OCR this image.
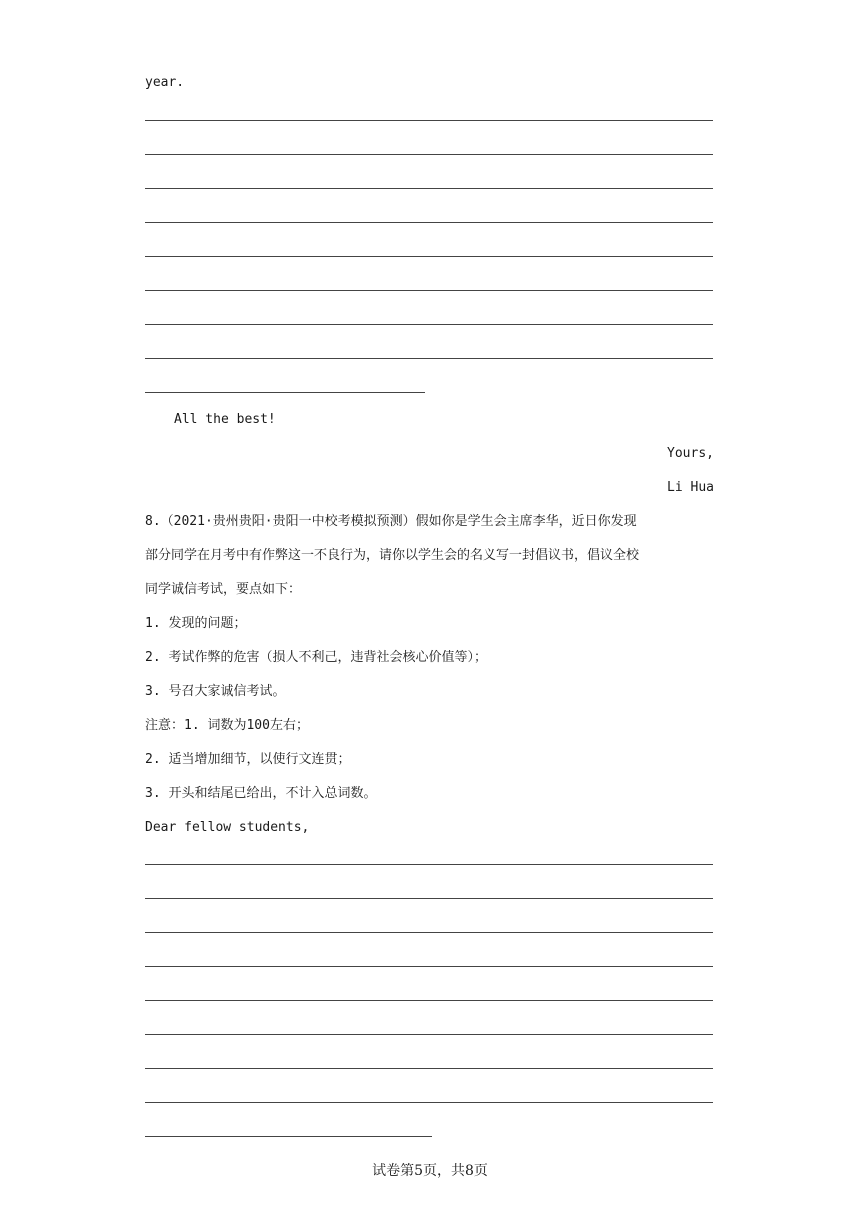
year.
All the best!
Yours,
Li Hua
8.（2021·贵州贵阳·贵阳一中校考模拟预测）假如你是学生会主席李华，近日你发现
部分同学在月考中有作弊这一不良行为，请你以学生会的名义写一封倡议书，倡议全校
同学诚信考试，要点如下：
1. 发现的问题；
2. 考试作弊的危害（损人不利己，违背社会核心价值等）；
3. 号召大家诚信考试。
注意：1. 词数为100左右；
2. 适当增加细节，以使行文连贯；
3. 开头和结尾已给出，不计入总词数。
Dear fellow students,
试卷第5页，共8页
